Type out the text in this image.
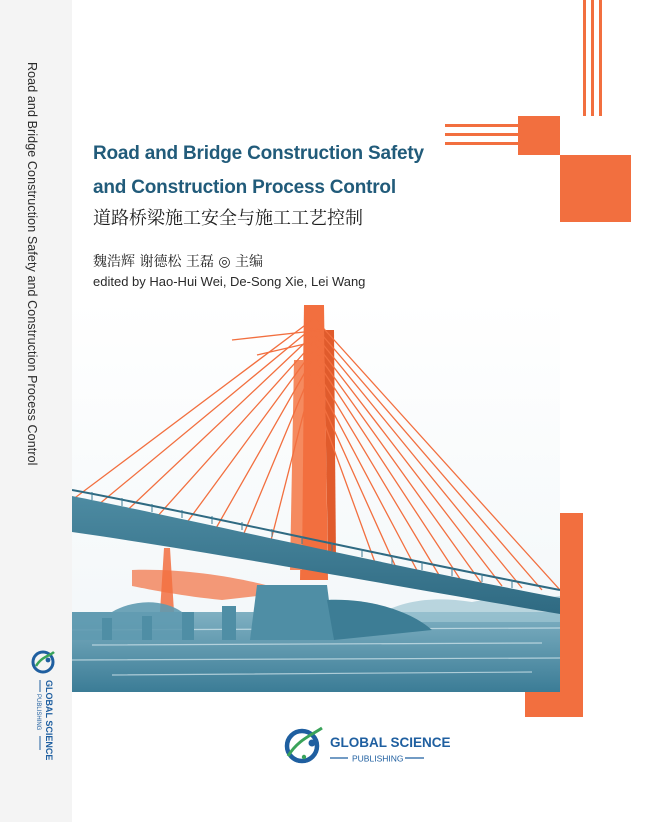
Road and Bridge Construction Safety and Construction Process Control
GLOBAL SCIENCE
PUBLISHING
Road and Bridge Construction Safety
and Construction Process Control
道路桥梁施工安全与施工工艺控制
魏浩辉 谢德松 王磊 ◎ 主编
edited by Hao-Hui Wei, De-Song Xie, Lei Wang
GLOBAL SCIENCE
PUBLISHING
